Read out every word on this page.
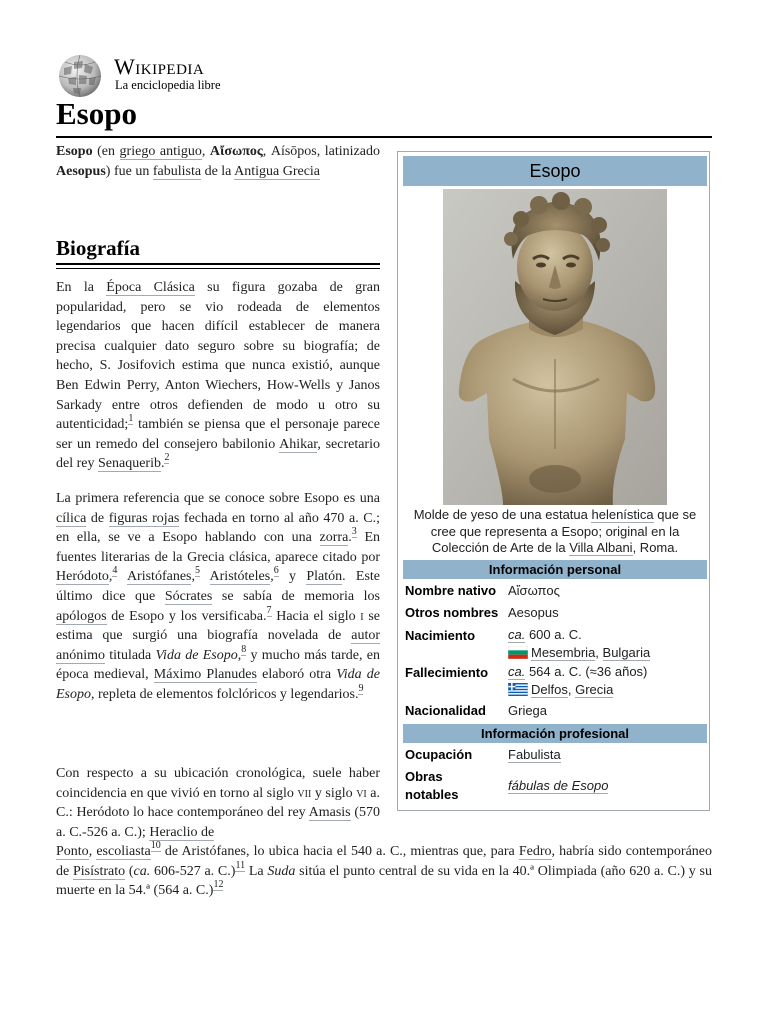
Wikipedia
La enciclopedia libre
Esopo

Esopo (en griego antiguo, Αἴσωπος, Aísōpos, latinizado Aesopus) fue un fabulista de la Antigua Grecia

Biografía

En la Época Clásica su figura gozaba de gran popularidad, pero se vio rodeada de elementos legendarios que hacen difícil establecer de manera precisa cualquier dato seguro sobre su biografía; de hecho, S. Josifovich estima que nunca existió, aunque Ben Edwin Perry, Anton Wiechers, How-Wells y Janos Sarkady entre otros defienden de modo u otro su autenticidad;$^1$ también se piensa que el personaje parece ser un remedo del consejero babilonio Ahikar, secretario del rey Senaquerib.$^2$

La primera referencia que se conoce sobre Esopo es una cílica de figuras rojas fechada en torno al año 470 a. C.; en ella, se ve a Esopo hablando con una zorra.$^3$ En fuentes literarias de la Grecia clásica, aparece citado por Heródoto,$^4$ Aristófanes,$^5$ Aristóteles,$^6$ y Platón. Este último dice que Sócrates se sabía de memoria los apólogos de Esopo y los versificaba.$^7$ Hacia el siglo i se estima que surgió una biografía novelada de autor anónimo titulada Vida de Esopo,$^8$ y mucho más tarde, en época medieval, Máximo Planudes elaboró otra Vida de Esopo, repleta de elementos folclóricos y legendarios.$^9$

Con respecto a su ubicación cronológica, suele haber coincidencia en que vivió en torno al siglo vii y siglo vi a. C.: Heródoto lo hace contemporáneo del rey Amasis (570 a. C.-526 a. C.); Heraclio de

Ponto, escoliasta$^{10}$ de Aristófanes, lo ubica hacia el 540 a. C., mientras que, para Fedro, habría sido contemporáneo de Pisístrato (ca. 606-527 a. C.)$^{11}$ La Suda sitúa el punto central de su vida en la 40.ª Olimpiada (año 620 a. C.) y su muerte en la 54.ª (564 a. C.)$^{12}$

Esopo
Molde de yeso de una estatua helenística que se cree que representa a Esopo; original en la Colección de Arte de la Villa Albani, Roma.
Información personal
Nombre nativo Αἴσωπος
Otros nombres Aesopus
Nacimiento	ca. 600 a. C.
Mesembria, Bulgaria
Fallecimiento ca. 564 a. C. (≈36 años)
Delfos, Grecia
Nacionalidad Griega
Información profesional
Ocupación	Fabulista
Obras
notables
fábulas de Esopo
